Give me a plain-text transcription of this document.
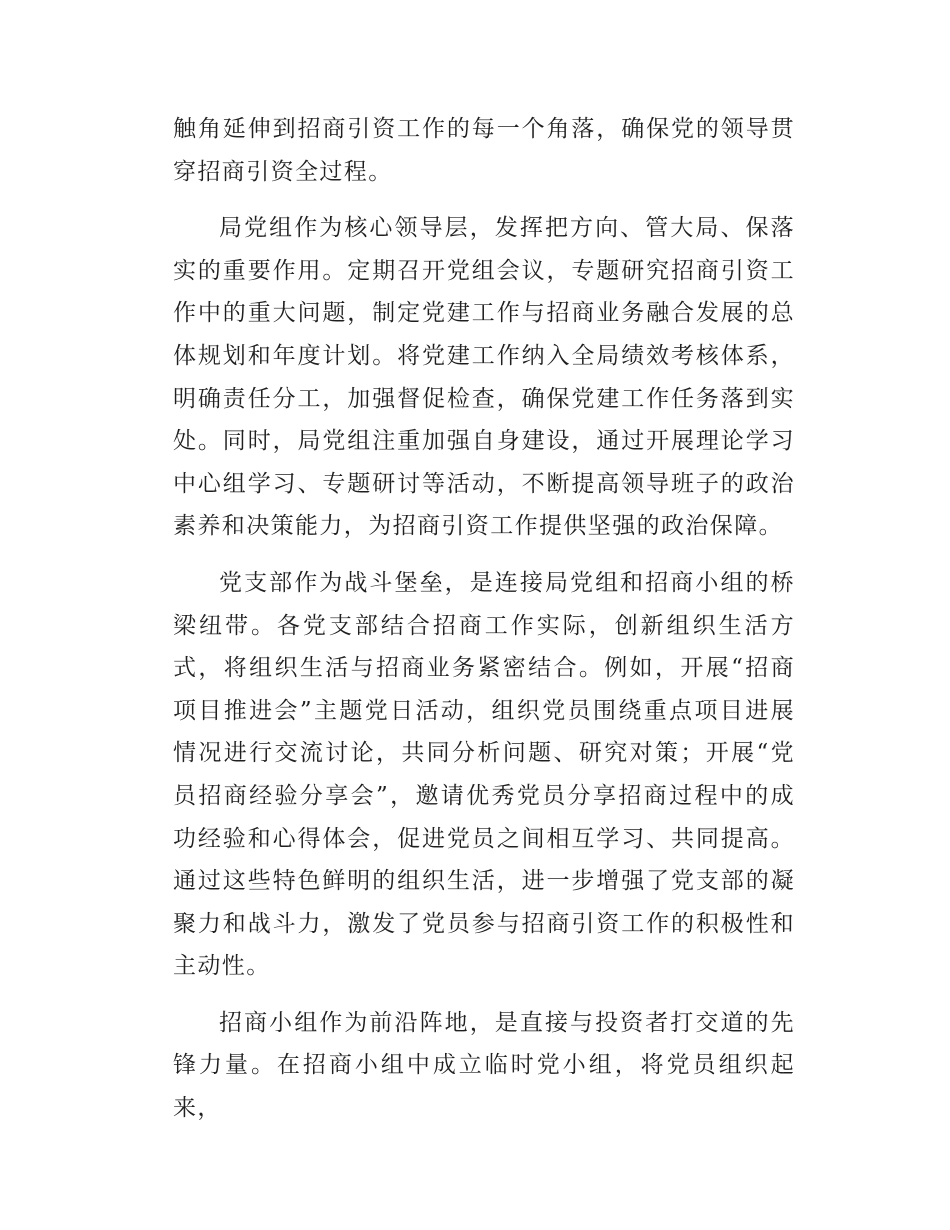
触角延伸到招商引资工作的每一个角落，确保党的领导贯穿招商引资全过程。

局党组作为核心领导层，发挥把方向、管大局、保落实的重要作用。定期召开党组会议，专题研究招商引资工作中的重大问题，制定党建工作与招商业务融合发展的总体规划和年度计划。将党建工作纳入全局绩效考核体系，明确责任分工，加强督促检查，确保党建工作任务落到实处。同时，局党组注重加强自身建设，通过开展理论学习中心组学习、专题研讨等活动，不断提高领导班子的政治素养和决策能力，为招商引资工作提供坚强的政治保障。

党支部作为战斗堡垒，是连接局党组和招商小组的桥梁纽带。各党支部结合招商工作实际，创新组织生活方式，将组织生活与招商业务紧密结合。例如，开展“招商项目推进会”主题党日活动，组织党员围绕重点项目进展情况进行交流讨论，共同分析问题、研究对策；开展“党员招商经验分享会”，邀请优秀党员分享招商过程中的成功经验和心得体会，促进党员之间相互学习、共同提高。通过这些特色鲜明的组织生活，进一步增强了党支部的凝聚力和战斗力，激发了党员参与招商引资工作的积极性和主动性。

招商小组作为前沿阵地，是直接与投资者打交道的先锋力量。在招商小组中成立临时党小组，将党员组织起来，
